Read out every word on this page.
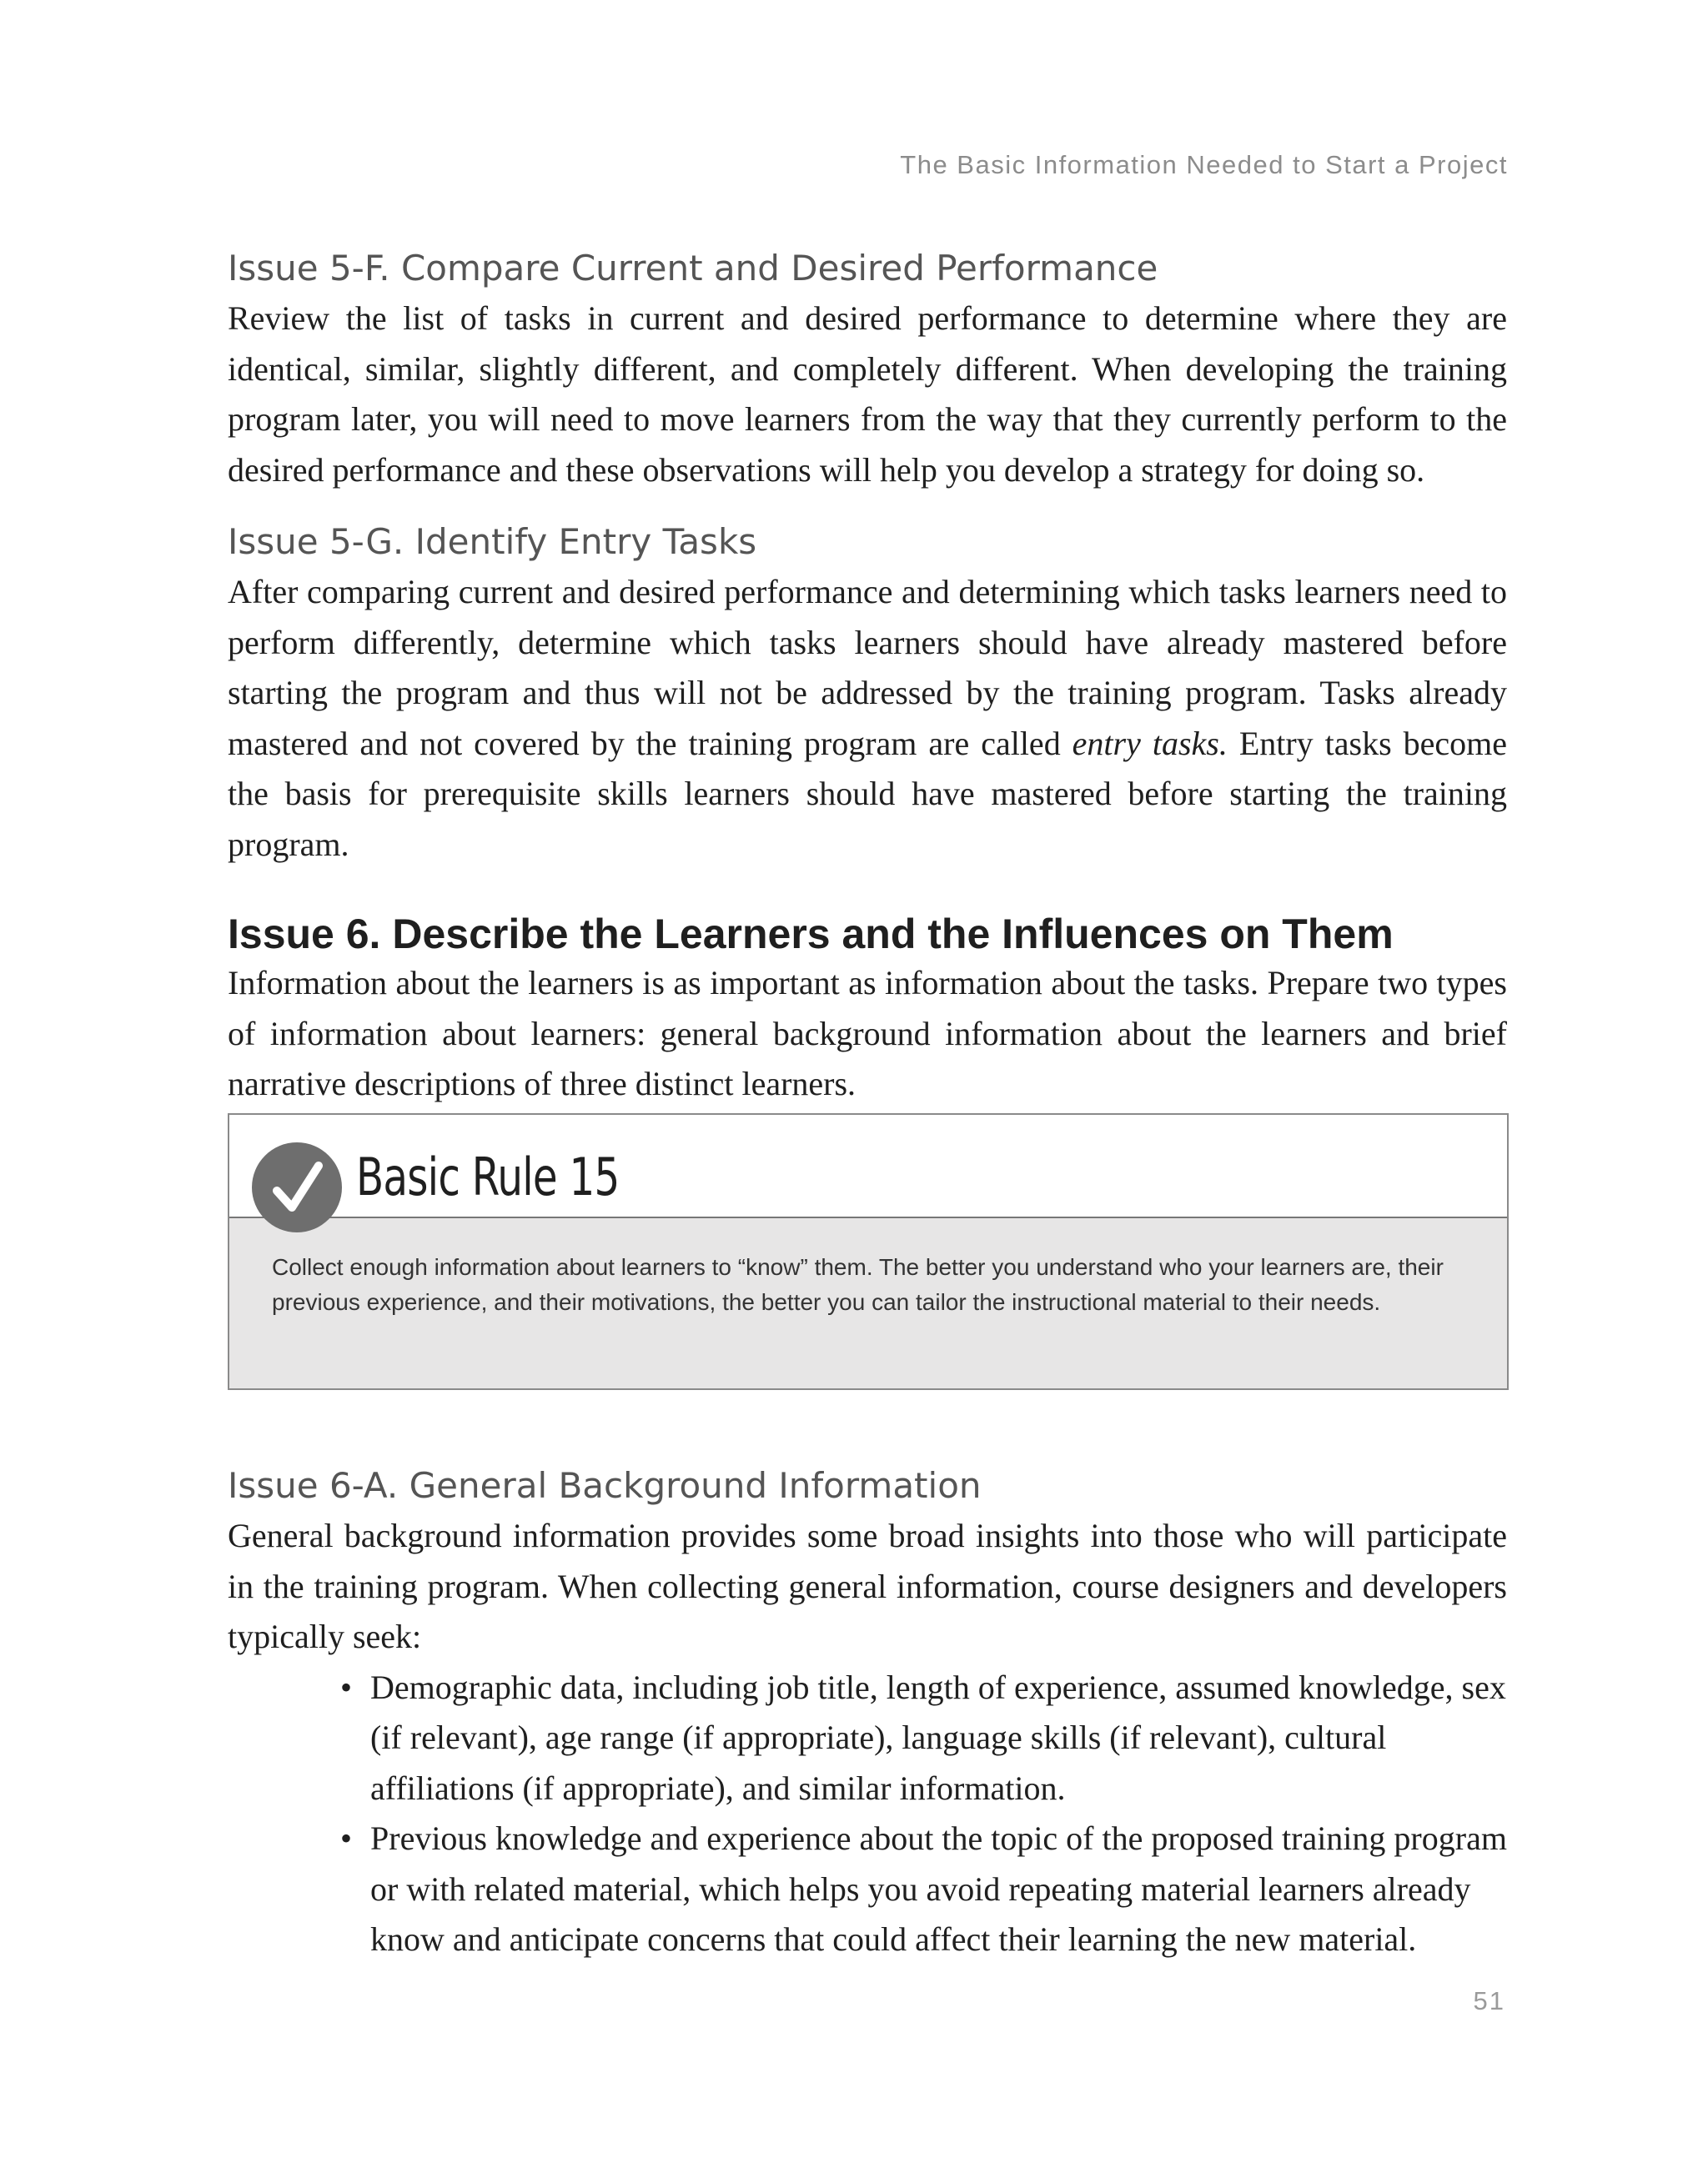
The Basic Information Needed to Start a Project
Issue 5-F. Compare Current and Desired Performance

Review the list of tasks in current and desired performance to determine where they are identical, similar, slightly different, and completely different. When developing the training program later, you will need to move learners from the way that they currently perform to the desired performance and these observations will help you develop a strategy for doing so.

Issue 5-G. Identify Entry Tasks

After comparing current and desired performance and determining which tasks learners need to perform differently, determine which tasks learners should have already mastered before starting the program and thus will not be addressed by the training program. Tasks already mastered and not covered by the training program are called entry tasks. Entry tasks become the basis for prerequisite skills learners should have mastered before starting the training program.

Issue 6. Describe the Learners and the Influences on Them

Information about the learners is as important as information about the tasks. Prepare two types of information about learners: general background information about the learners and brief narrative descriptions of three distinct learners.

Basic Rule 15
Collect enough information about learners to “know” them. The better you understand who your learners are, their previous experience, and their motivations, the better you can tailor the instructional material to their needs.
Issue 6-A. General Background Information

General background information provides some broad insights into those who will participate in the training program. When collecting general information, course designers and developers typically seek:

• Demographic data, including job title, length of experience, assumed knowledge, sex (if relevant), age range (if appropriate), language skills (if relevant), cultural affiliations (if appropriate), and similar information.
• Previous knowledge and experience about the topic of the proposed training program or with related material, which helps you avoid repeating material learners already know and anticipate concerns that could affect their learning the new material.
51
